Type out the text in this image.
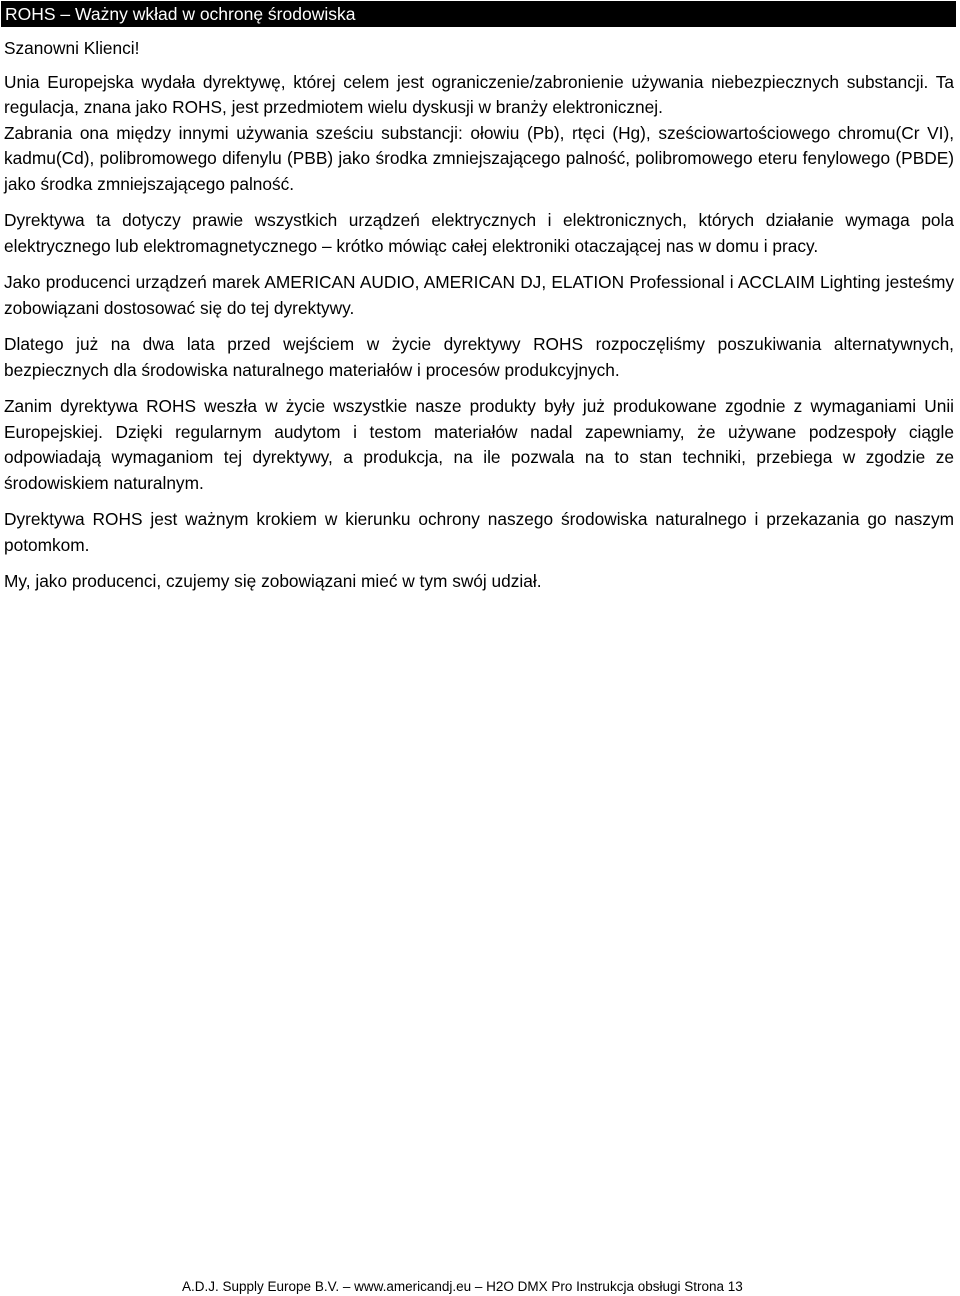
ROHS – Ważny wkład w ochronę środowiska

Szanowni Klienci!

Unia Europejska wydała dyrektywę, której celem jest ograniczenie/zabronienie używania niebezpiecznych substancji. Ta regulacja, znana jako ROHS, jest przedmiotem wielu dyskusji w branży elektronicznej.

Zabrania ona między innymi używania sześciu substancji: ołowiu (Pb), rtęci (Hg), sześciowartościowego chromu(Cr VI), kadmu(Cd), polibromowego difenylu (PBB) jako środka zmniejszającego palność, polibromowego eteru fenylowego (PBDE) jako środka zmniejszającego palność.

Dyrektywa ta dotyczy prawie wszystkich urządzeń elektrycznych i elektronicznych, których działanie wymaga pola elektrycznego lub elektromagnetycznego – krótko mówiąc całej elektroniki otaczającej nas w domu i pracy.

Jako producenci urządzeń marek AMERICAN AUDIO, AMERICAN DJ, ELATION Professional i ACCLAIM Lighting jesteśmy zobowiązani dostosować się do tej dyrektywy.

Dlatego już na dwa lata przed wejściem w życie dyrektywy ROHS rozpoczęliśmy poszukiwania alternatywnych, bezpiecznych dla środowiska naturalnego materiałów i procesów produkcyjnych.

Zanim dyrektywa ROHS weszła w życie wszystkie nasze produkty były już produkowane zgodnie z wymaganiami Unii Europejskiej. Dzięki regularnym audytom i testom materiałów nadal zapewniamy, że używane podzespoły ciągle odpowiadają wymaganiom tej dyrektywy, a produkcja, na ile pozwala na to stan techniki, przebiega w zgodzie ze środowiskiem naturalnym.

Dyrektywa ROHS jest ważnym krokiem w kierunku ochrony naszego środowiska naturalnego i przekazania go naszym potomkom.

My, jako producenci, czujemy się zobowiązani mieć w tym swój udział.

A.D.J. Supply Europe B.V. – www.americandj.eu – H2O DMX Pro Instrukcja obsługi Strona 13
